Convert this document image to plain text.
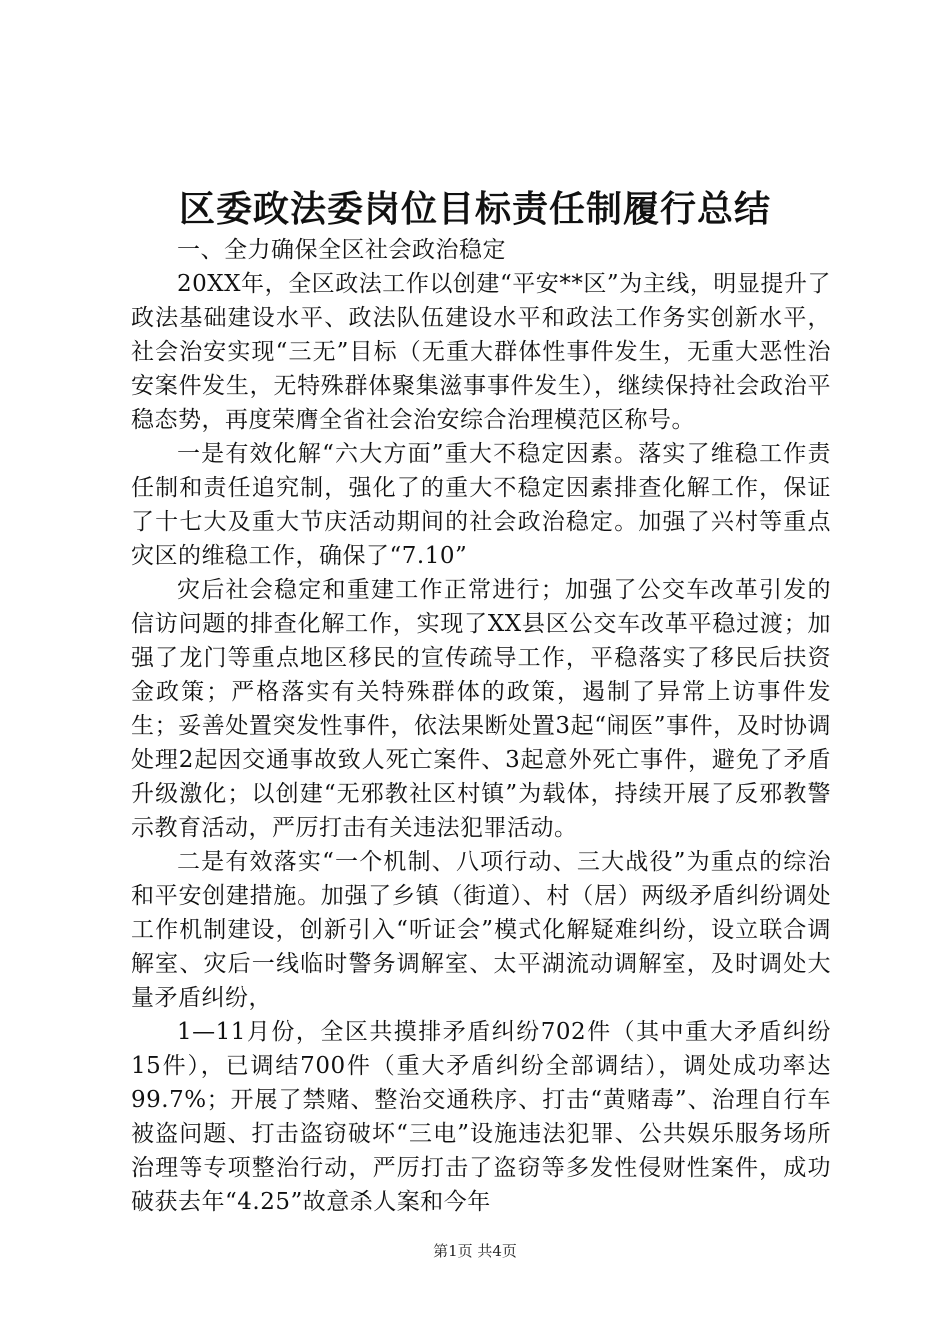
区委政法委岗位目标责任制履行总结

一、全力确保全区社会政治稳定

20XX年，全区政法工作以创建“平安**区”为主线，明显提升了政法基础建设水平、政法队伍建设水平和政法工作务实创新水平，社会治安实现“三无”目标（无重大群体性事件发生，无重大恶性治安案件发生，无特殊群体聚集滋事事件发生），继续保持社会政治平稳态势，再度荣膺全省社会治安综合治理模范区称号。

一是有效化解“六大方面”重大不稳定因素。落实了维稳工作责任制和责任追究制，强化了的重大不稳定因素排查化解工作，保证了十七大及重大节庆活动期间的社会政治稳定。加强了兴村等重点灾区的维稳工作，确保了“7.10”

灾后社会稳定和重建工作正常进行；加强了公交车改革引发的信访问题的排查化解工作，实现了XX县区公交车改革平稳过渡；加强了龙门等重点地区移民的宣传疏导工作，平稳落实了移民后扶资金政策；严格落实有关特殊群体的政策，遏制了异常上访事件发生；妥善处置突发性事件，依法果断处置3起“闹医”事件，及时协调处理2起因交通事故致人死亡案件、3起意外死亡事件，避免了矛盾升级激化；以创建“无邪教社区村镇”为载体，持续开展了反邪教警示教育活动，严厉打击有关违法犯罪活动。

二是有效落实“一个机制、八项行动、三大战役”为重点的综治和平安创建措施。加强了乡镇（街道）、村（居）两级矛盾纠纷调处工作机制建设，创新引入“听证会”模式化解疑难纠纷，设立联合调解室、灾后一线临时警务调解室、太平湖流动调解室，及时调处大量矛盾纠纷，

1—11月份，全区共摸排矛盾纠纷702件（其中重大矛盾纠纷15件），已调结700件（重大矛盾纠纷全部调结），调处成功率达99.7%；开展了禁赌、整治交通秩序、打击“黄赌毒”、治理自行车被盗问题、打击盗窃破坏“三电”设施违法犯罪、公共娱乐服务场所治理等专项整治行动，严厉打击了盗窃等多发性侵财性案件，成功破获去年“4.25”故意杀人案和今年

第1页 共4页
